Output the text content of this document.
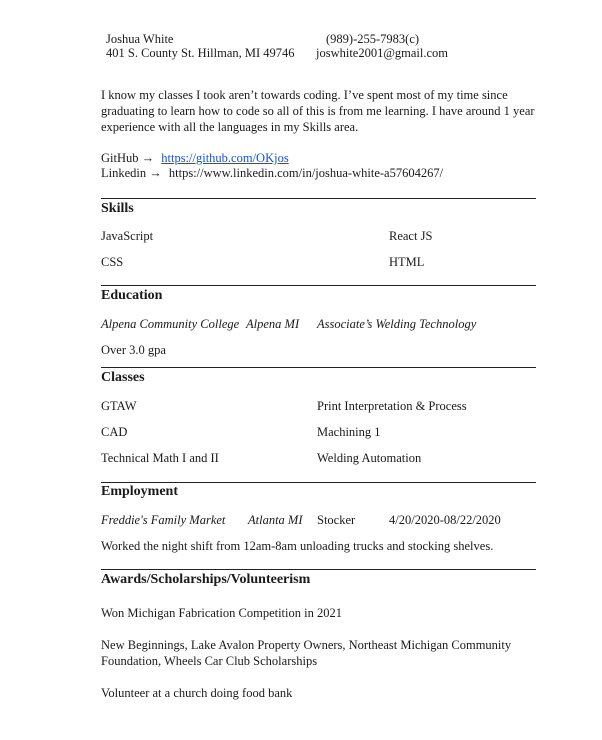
Joshua White
401 S. County St. Hillman, MI 49746
(989)-255-7983(c)
joswhite2001@gmail.com
I know my classes I took aren’t towards coding. I’ve spent most of my time since
graduating to learn how to code so all of this is from me learning. I have around 1 year
experience with all the languages in my Skills area.
GitHub → https://github.com/OKjos
Linkedin → https://www.linkedin.com/in/joshua-white-a57604267/
Skills
JavaScript	React JS
CSS	HTML
Education
Alpena Community College Alpena MI Associate’s Welding Technology
Over 3.0 gpa
Classes
GTAW	Print Interpretation & Process
CAD	Machining 1
Technical Math I and II	Welding Automation
Employment
Freddie's Family Market Atlanta MI Stocker	4/20/2020-08/22/2020
Worked the night shift from 12am-8am unloading trucks and stocking shelves.
Awards/Scholarships/Volunteerism
Won Michigan Fabrication Competition in 2021
New Beginnings, Lake Avalon Property Owners, Northeast Michigan Community
Foundation, Wheels Car Club Scholarships
Volunteer at a church doing food bank
